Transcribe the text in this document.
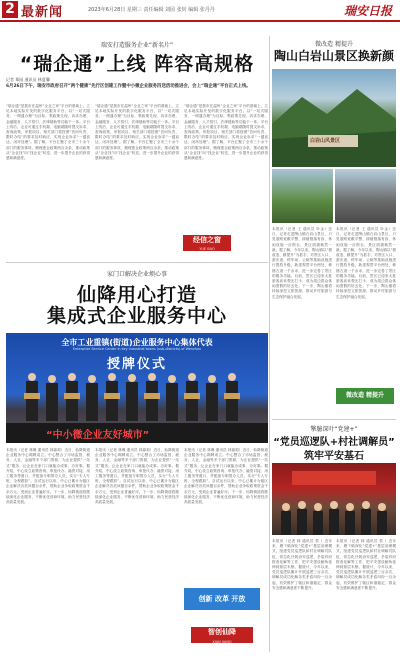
2 最新闻	2023年6月28日 星期三 责任编辑 刘园 张钊 编辑 张丹丹	瑞安日报
瑞安打造服务企业“新名片”
“瑞企通”上线 阵容高规格
记者 郑园 通讯员 林夏馨
6月26日下午，瑞安市政府召开“两个健康”先行区创建工作暨中小微企业服务四送活动推进会，会上“瑞企通”平台正式上线。
“瑞企通”是我市在温州“企业之家”平台的基础上，立足本地实际开发的数字化服务平台，以“一站式服务、一网通办理”为目标，集政策兑现、诉求办理、金融服务、人才招引、法律援助等功能于一体。平台上线后，企业可通过手机端、电脑端随时提交诉求，查询政策，申报项目，相关部门将按照“首问负责、限时办结”的要求及时响应，实现企业诉求“一键直达、闭环处理”。据了解，平台汇聚了全市三十余个部门的服务事项，梳理惠企政策两百余条，推动政策从“企业找”向“找企业”转变，进一步提升企业的获得感和满意度。
“瑞企通”是我市在温州“企业之家”平台的基础上，立足本地实际开发的数字化服务平台，以“一站式服务、一网通办理”为目标，集政策兑现、诉求办理、金融服务、人才招引、法律援助等功能于一体。平台上线后，企业可通过手机端、电脑端随时提交诉求，查询政策，申报项目，相关部门将按照“首问负责、限时办结”的要求及时响应，实现企业诉求“一键直达、闭环处理”。据了解，平台汇聚了全市三十余个部门的服务事项，梳理惠企政策两百余条，推动政策从“企业找”向“找企业”转变，进一步提升企业的获得感和满意度。
“瑞企通”是我市在温州“企业之家”平台的基础上，立足本地实际开发的数字化服务平台，以“一站式服务、一网通办理”为目标，集政策兑现、诉求办理、金融服务、人才招引、法律援助等功能于一体。平台上线后，企业可通过手机端、电脑端随时提交诉求，查询政策，申报项目，相关部门将按照“首问负责、限时办结”的要求及时响应，实现企业诉求“一键直达、闭环处理”。据了解，平台汇聚了全市三十余个部门的服务事项，梳理惠企政策两百余条，推动政策从“企业找”向“找企业”转变，进一步提升企业的获得感和满意度。
经信之窗
YUE BAO
家门口解决企业烦心事
仙降用心打造
集成式企业服务中心
全市工业重镇(街道)企业服务中心集体代表
Enterprise Service Center in key industrial towns (sub-districts) of Wenzhou
授牌仪式
“中小微企业友好城市”
本报讯（记者 林琳 通讯员 林嘉莉）近日，仙降街道企业服务中心揭牌成立。中心整合了市场监管、税务、人社、金融等多个部门资源，为企业提供“一站式”服务，让企业在家门口就能办成事、办好事。据介绍，中心设立政策咨询、审批代办、融资对接、用工服务等窗口，并配备专职帮办人员，实行“专人专班、全程跟踪”。自试运行以来，中心已累计为辖区企业解决各类问题百余件，帮助企业争取政策资金千余万元，受到企业普遍好评。下一步，仙降街道将继续深化企业服务，不断优化营商环境，助力民营经济高质量发展。
本报讯（记者 林琳 通讯员 林嘉莉）近日，仙降街道企业服务中心揭牌成立。中心整合了市场监管、税务、人社、金融等多个部门资源，为企业提供“一站式”服务，让企业在家门口就能办成事、办好事。据介绍，中心设立政策咨询、审批代办、融资对接、用工服务等窗口，并配备专职帮办人员，实行“专人专班、全程跟踪”。自试运行以来，中心已累计为辖区企业解决各类问题百余件，帮助企业争取政策资金千余万元，受到企业普遍好评。下一步，仙降街道将继续深化企业服务，不断优化营商环境，助力民营经济高质量发展。
本报讯（记者 林琳 通讯员 林嘉莉）近日，仙降街道企业服务中心揭牌成立。中心整合了市场监管、税务、人社、金融等多个部门资源，为企业提供“一站式”服务，让企业在家门口就能办成事、办好事。据介绍，中心设立政策咨询、审批代办、融资对接、用工服务等窗口，并配备专职帮办人员，实行“专人专班、全程跟踪”。自试运行以来，中心已累计为辖区企业解决各类问题百余件，帮助企业争取政策资金千余万元，受到企业普遍好评。下一步，仙降街道将继续深化企业服务，不断优化营商环境，助力民营经济高质量发展。
创新 改革 开放
智创仙降
XIAN JIANG
微改造 精提升
陶山白岩山景区换新颜
白岩山风景区
本报讯（记者 王 通讯员 叶金）近日，记者走进陶山镇白岩山景区，只见道路宽敞平整、绿植错落有致、休闲设施一应俱全，景区面貌焕然一新。据了解，今年以来，陶山镇以“微改造、精提升”为抓手，对景区入口、游步道、停车场、公厕等基础设施进行提档升级，新建观景平台两处，修缮古道一千余米，进一步完善了景区的服务功能。目前，景区已迎来大批游客前来观光打卡，成为周边群众休闲度假的好去处。下一步，陶山镇将持续深挖文旅资源，推动乡村旅游与生态保护融合发展。
本报讯（记者 王 通讯员 叶金）近日，记者走进陶山镇白岩山景区，只见道路宽敞平整、绿植错落有致、休闲设施一应俱全，景区面貌焕然一新。据了解，今年以来，陶山镇以“微改造、精提升”为抓手，对景区入口、游步道、停车场、公厕等基础设施进行提档升级，新建观景平台两处，修缮古道一千余米，进一步完善了景区的服务功能。目前，景区已迎来大批游客前来观光打卡，成为周边群众休闲度假的好去处。下一步，陶山镇将持续深挖文旅资源，推动乡村旅游与生态保护融合发展。
微改造 精提升
擎臆深叶“党建+”
“党员巡逻队+村社调解员”
筑牢平安基石
本报讯（记者 林 通讯员 蔡 ）近年来，塘下镇深化“党建+”基层治理模式，组建党员巡逻队和村社调解员队伍，常态化开展治安巡逻、矛盾纠纷排查化解等工作，把平安建设触角延伸到基层末梢。据统计，今年以来，党员巡逻队累计开展巡逻三百余次，调解员成功化解各类矛盾纠纷一百余起，有效维护了辖区和谐稳定，群众安全感和满意度不断提升。
本报讯（记者 林 通讯员 蔡 ）近年来，塘下镇深化“党建+”基层治理模式，组建党员巡逻队和村社调解员队伍，常态化开展治安巡逻、矛盾纠纷排查化解等工作，把平安建设触角延伸到基层末梢。据统计，今年以来，党员巡逻队累计开展巡逻三百余次，调解员成功化解各类矛盾纠纷一百余起，有效维护了辖区和谐稳定，群众安全感和满意度不断提升。
